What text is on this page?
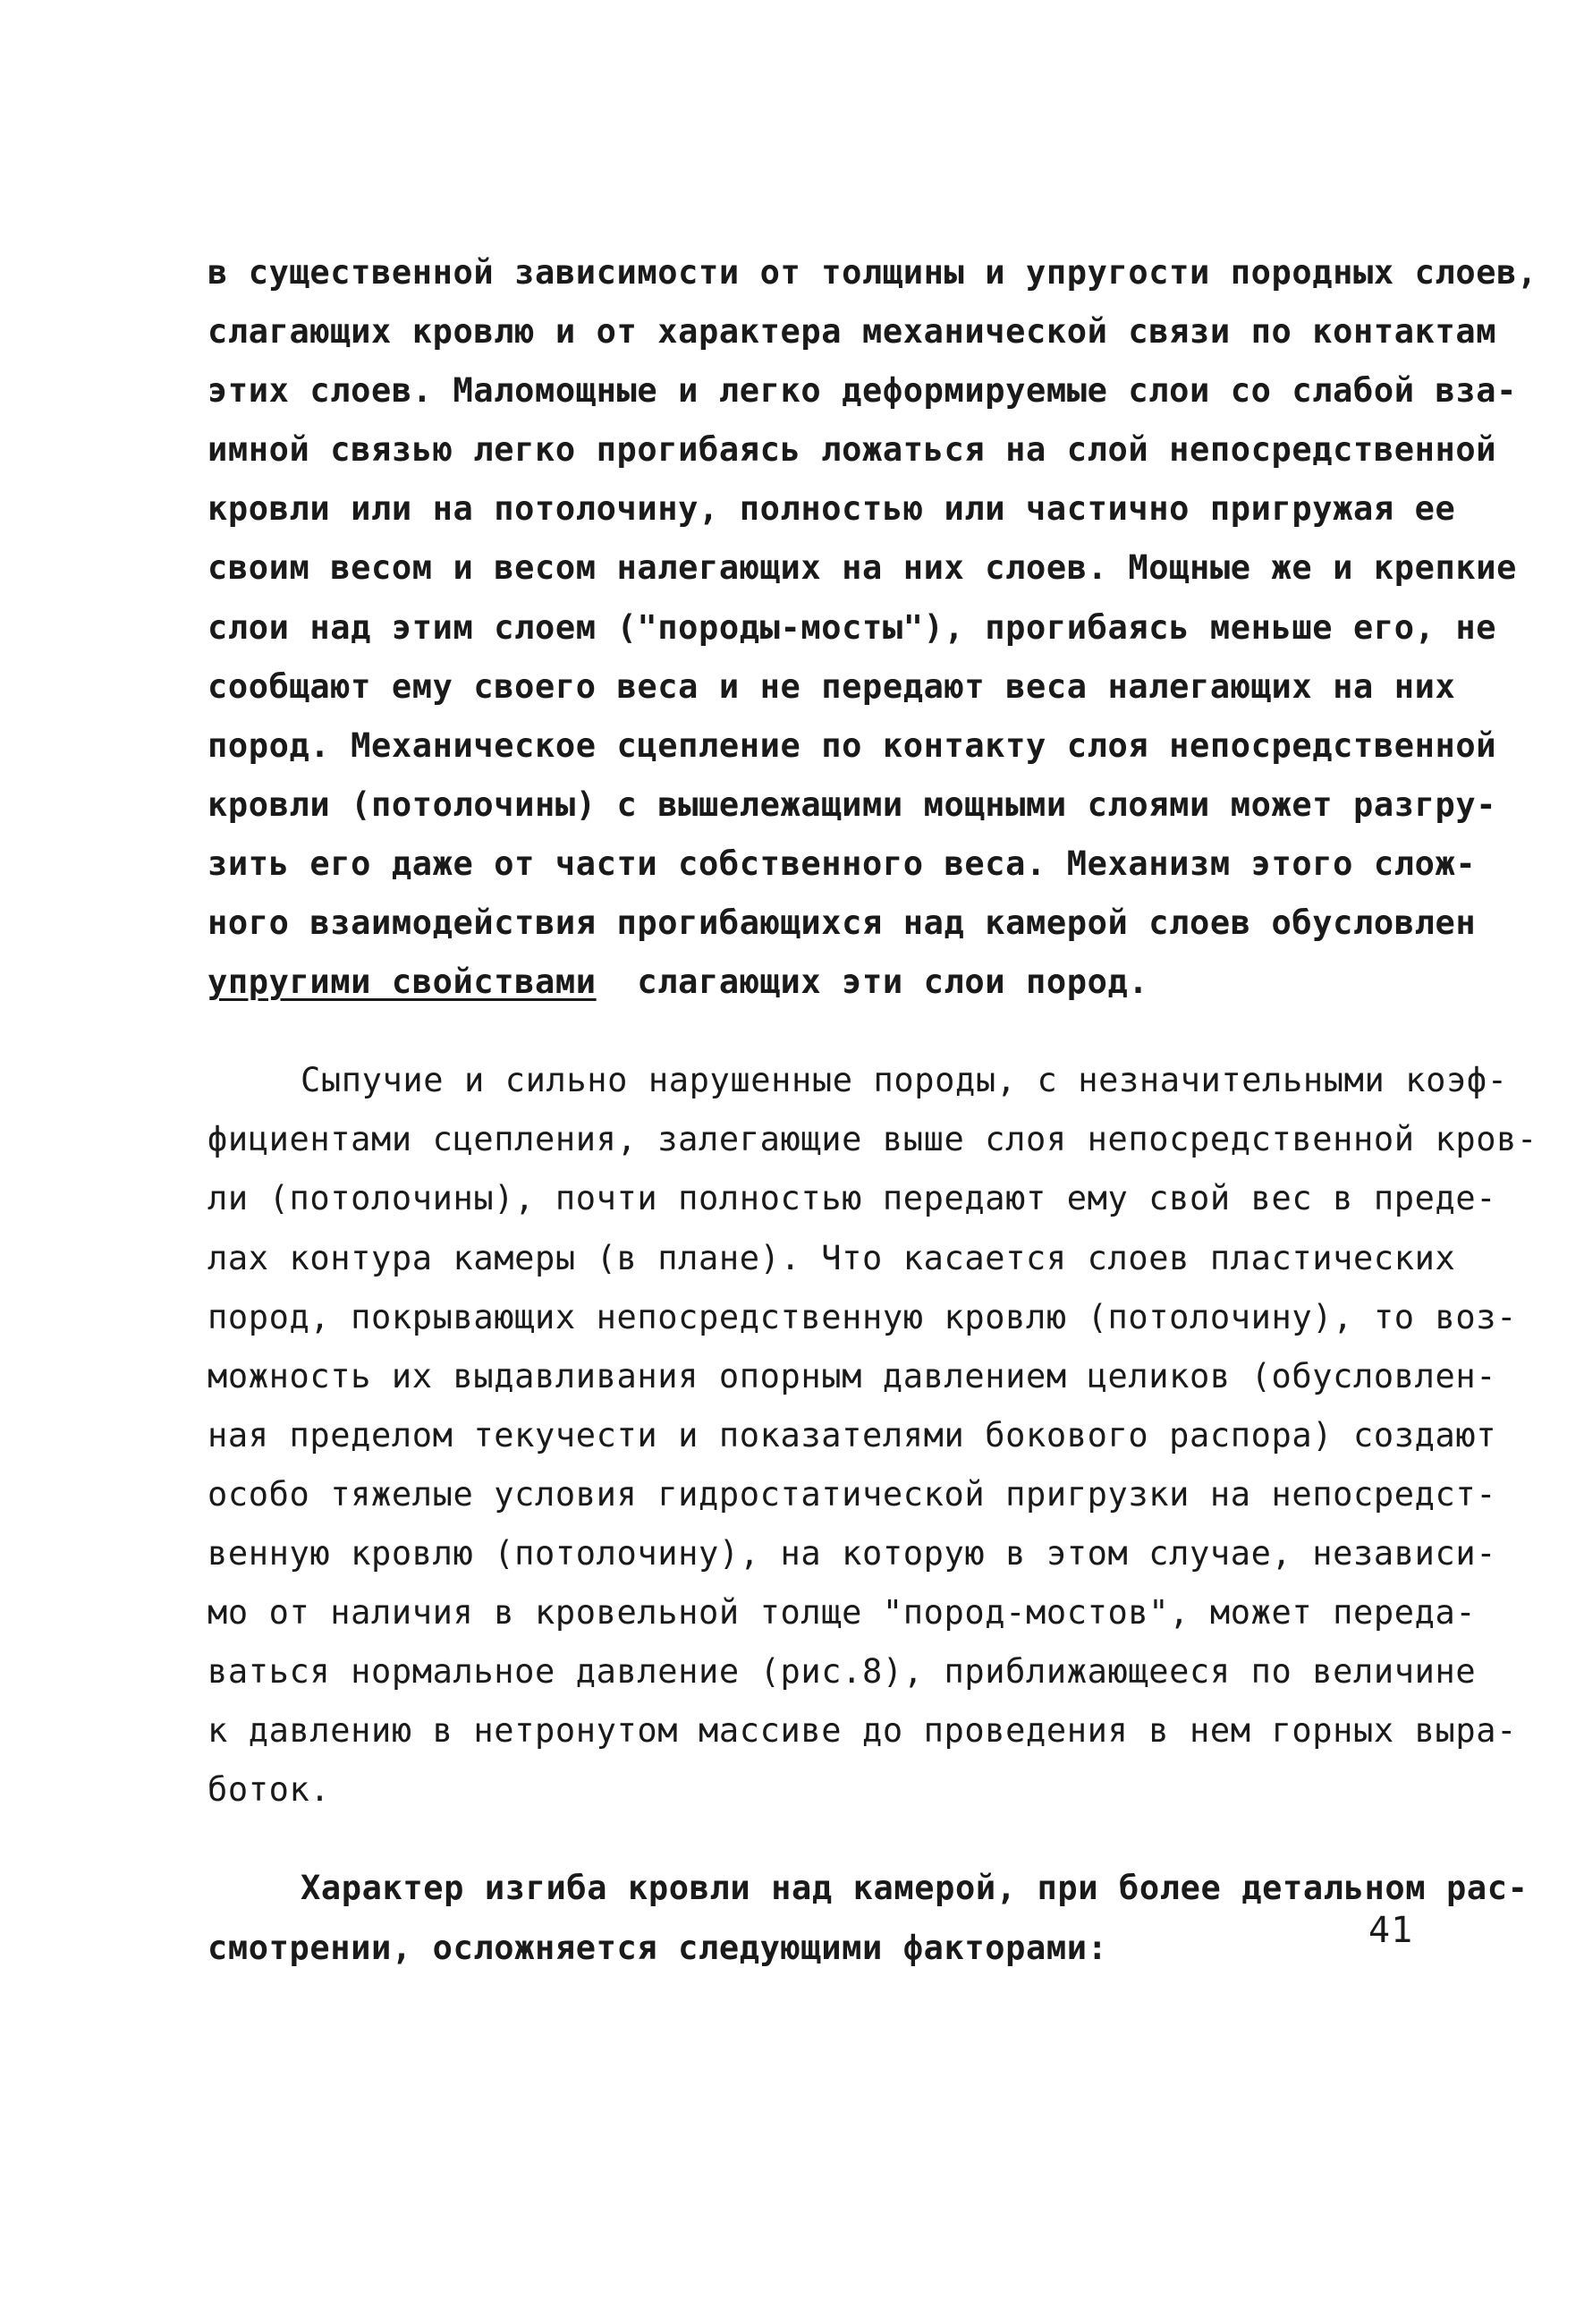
в существенной зависимости от толщины и упругости породных слоев,
слагающих кровлю и от характера механической связи по контактам
этих слоев. Маломощные и легко деформируемые слои со слабой вза-
имной связью легко прогибаясь ложаться на слой непосредственной
кровли или на потолочину, полностью или частично пригружая ее
своим весом и весом налегающих на них слоев. Мощные же и крепкие
слои над этим слоем ("породы-мосты"), прогибаясь меньше его, не
сообщают ему своего веса и не передают веса налегающих на них
пород. Механическое сцепление по контакту слоя непосредственной
кровли (потолочины) с вышележащими мощными слоями может разгру-
зить его даже от части собственного веса. Механизм этого слож-
ного взаимодействия прогибающихся над камерой слоев обусловлен
упругими свойствами  слагающих эти слои пород.
Сыпучие и сильно нарушенные породы, с незначительными коэф-
фициентами сцепления, залегающие выше слоя непосредственной кров-
ли (потолочины), почти полностью передают ему свой вес в преде-
лах контура камеры (в плане). Что касается слоев пластических
пород, покрывающих непосредственную кровлю (потолочину), то воз-
можность их выдавливания опорным давлением целиков (обусловлен-
ная пределом текучести и показателями бокового распора) создают
особо тяжелые условия гидростатической пригрузки на непосредст-
венную кровлю (потолочину), на которую в этом случае, независи-
мо от наличия в кровельной толще "пород-мостов", может переда-
ваться нормальное давление (рис.8), приближающееся по величине
к давлению в нетронутом массиве до проведения в нем горных выра-
боток.
Характер изгиба кровли над камерой, при более детальном рас-
смотрении, осложняется следующими факторами:	41
